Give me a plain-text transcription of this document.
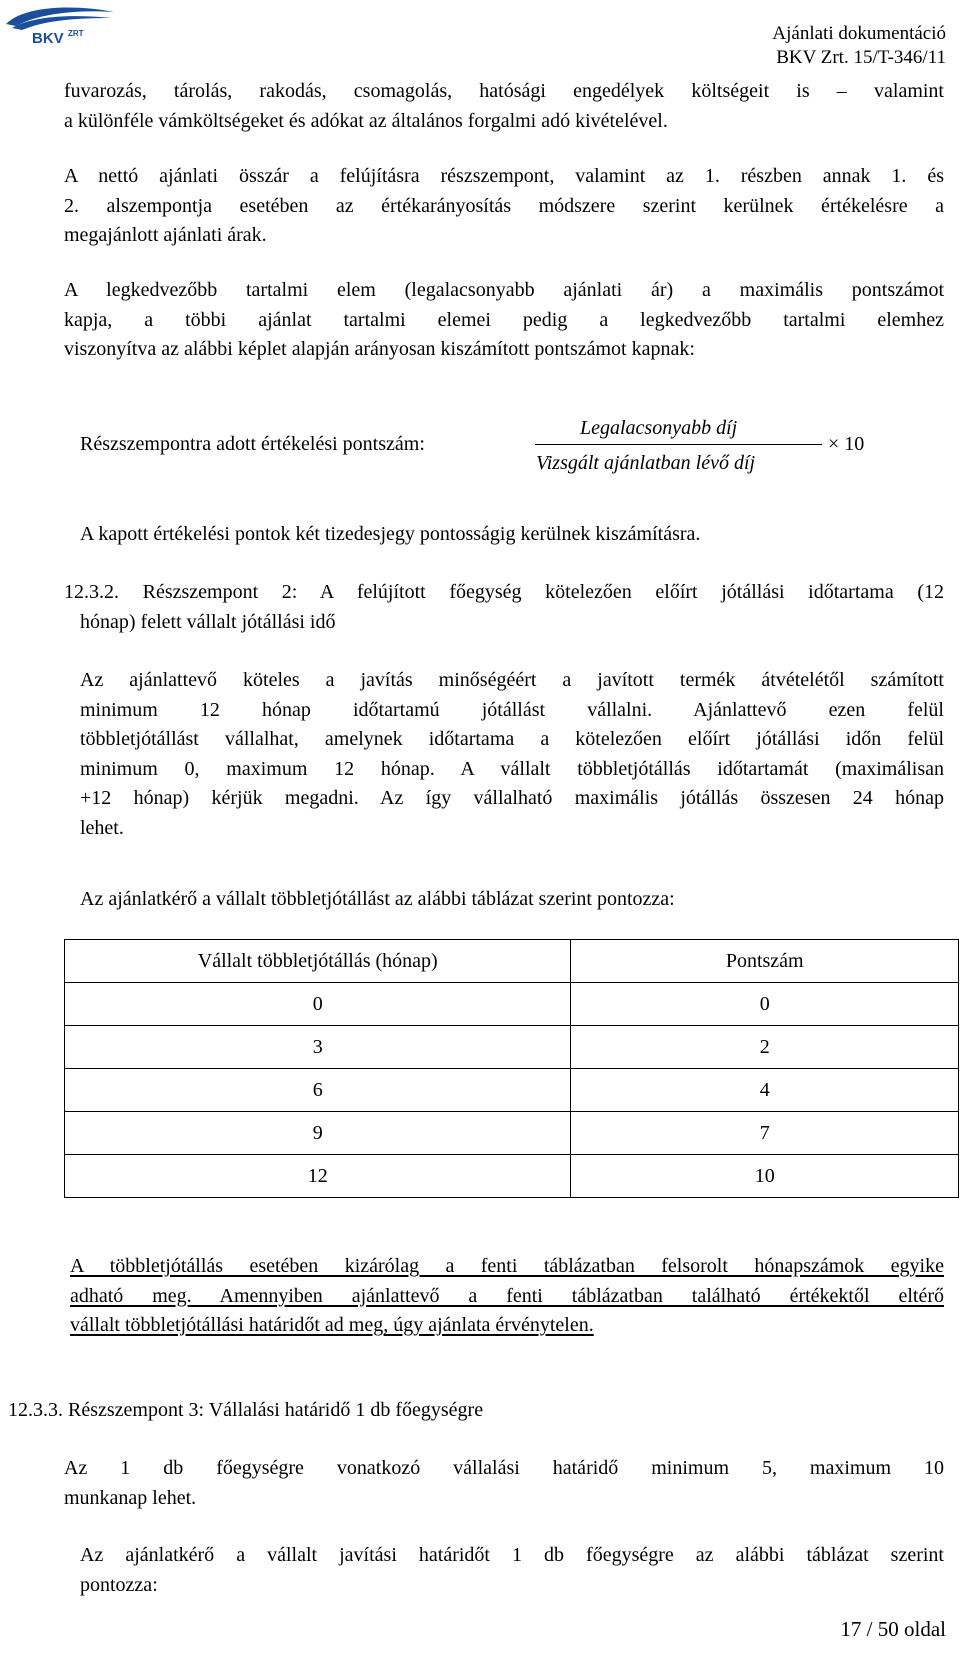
BKV ZRT	Ajánlati dokumentáció
BKV Zrt. 15/T-346/11
fuvarozás, tárolás, rakodás, csomagolás, hatósági engedélyek költségeit is – valamint
a különféle vámköltségeket és adókat az általános forgalmi adó kivételével.
A nettó ajánlati összár a felújításra részszempont, valamint az 1. részben annak 1. és
2. alszempontja esetében az értékarányosítás módszere szerint kerülnek értékelésre a
megajánlott ajánlati árak.
A legkedvezőbb tartalmi elem (legalacsonyabb ajánlati ár) a maximális pontszámot
kapja, a többi ajánlat tartalmi elemei pedig a legkedvezőbb tartalmi elemhez
viszonyítva az alábbi képlet alapján arányosan kiszámított pontszámot kapnak:
Részszempontra adott értékelési pontszám:
Legalacsonyabb díj
Vizsgált ajánlatban lévő díj
× 10
A kapott értékelési pontok két tizedesjegy pontosságig kerülnek kiszámításra.
12.3.2. Részszempont 2: A felújított főegység kötelezően előírt jótállási időtartama (12
hónap) felett vállalt jótállási idő
Az ajánlattevő köteles a javítás minőségéért a javított termék átvételétől számított
minimum 12 hónap időtartamú jótállást vállalni. Ajánlattevő ezen felül
többletjótállást vállalhat, amelynek időtartama a kötelezően előírt jótállási időn felül
minimum 0, maximum 12 hónap. A vállalt többletjótállás időtartamát (maximálisan
+12 hónap) kérjük megadni. Az így vállalható maximális jótállás összesen 24 hónap
lehet.
Az ajánlatkérő a vállalt többletjótállást az alábbi táblázat szerint pontozza:
Vállalt többletjótállás (hónap)	Pontszám
0	0
3	2
6	4
9	7
12	10
A többletjótállás esetében kizárólag a fenti táblázatban felsorolt hónapszámok egyike
adható meg. Amennyiben ajánlattevő a fenti táblázatban található értékektől eltérő
vállalt többletjótállási határidőt ad meg, úgy ajánlata érvénytelen.
12.3.3. Részszempont 3: Vállalási határidő 1 db főegységre
Az 1 db főegységre vonatkozó vállalási határidő minimum 5, maximum 10
munkanap lehet.
Az ajánlatkérő a vállalt javítási határidőt 1 db főegységre az alábbi táblázat szerint
pontozza:
17 / 50 oldal
